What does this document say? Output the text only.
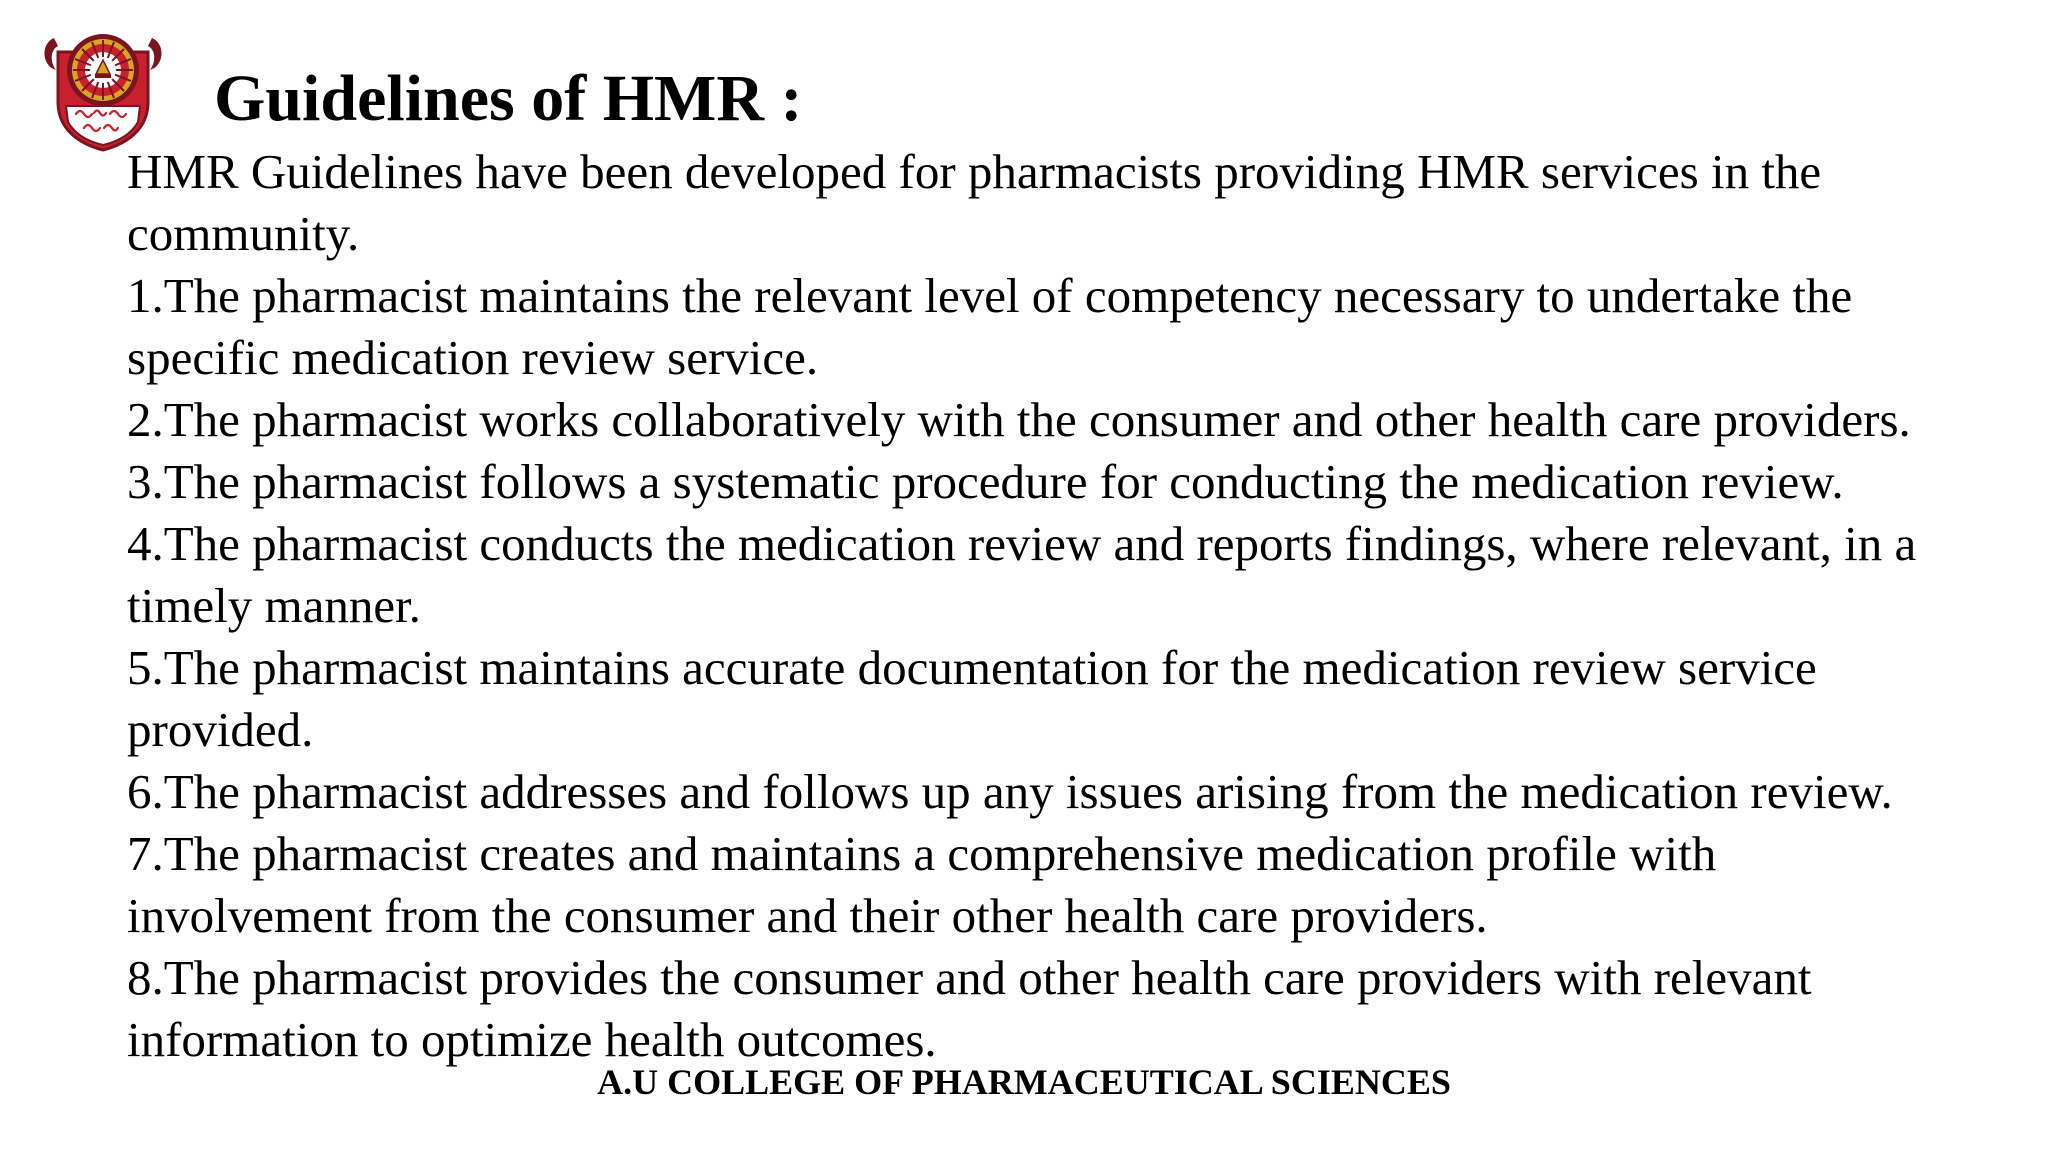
Guidelines of HMR :
HMR Guidelines have been developed for pharmacists providing HMR services in the
community.
1.The pharmacist maintains the relevant level of competency necessary to undertake the
specific medication review service.
2.The pharmacist works collaboratively with the consumer and other health care providers.
3.The pharmacist follows a systematic procedure for conducting the medication review.
4.The pharmacist conducts the medication review and reports findings, where relevant, in a
timely manner.
5.The pharmacist maintains accurate documentation for the medication review service
provided.
6.The pharmacist addresses and follows up any issues arising from the medication review.
7.The pharmacist creates and maintains a comprehensive medication profile with
involvement from the consumer and their other health care providers.
8.The pharmacist provides the consumer and other health care providers with relevant
information to optimize health outcomes.
A.U COLLEGE OF PHARMACEUTICAL SCIENCES
